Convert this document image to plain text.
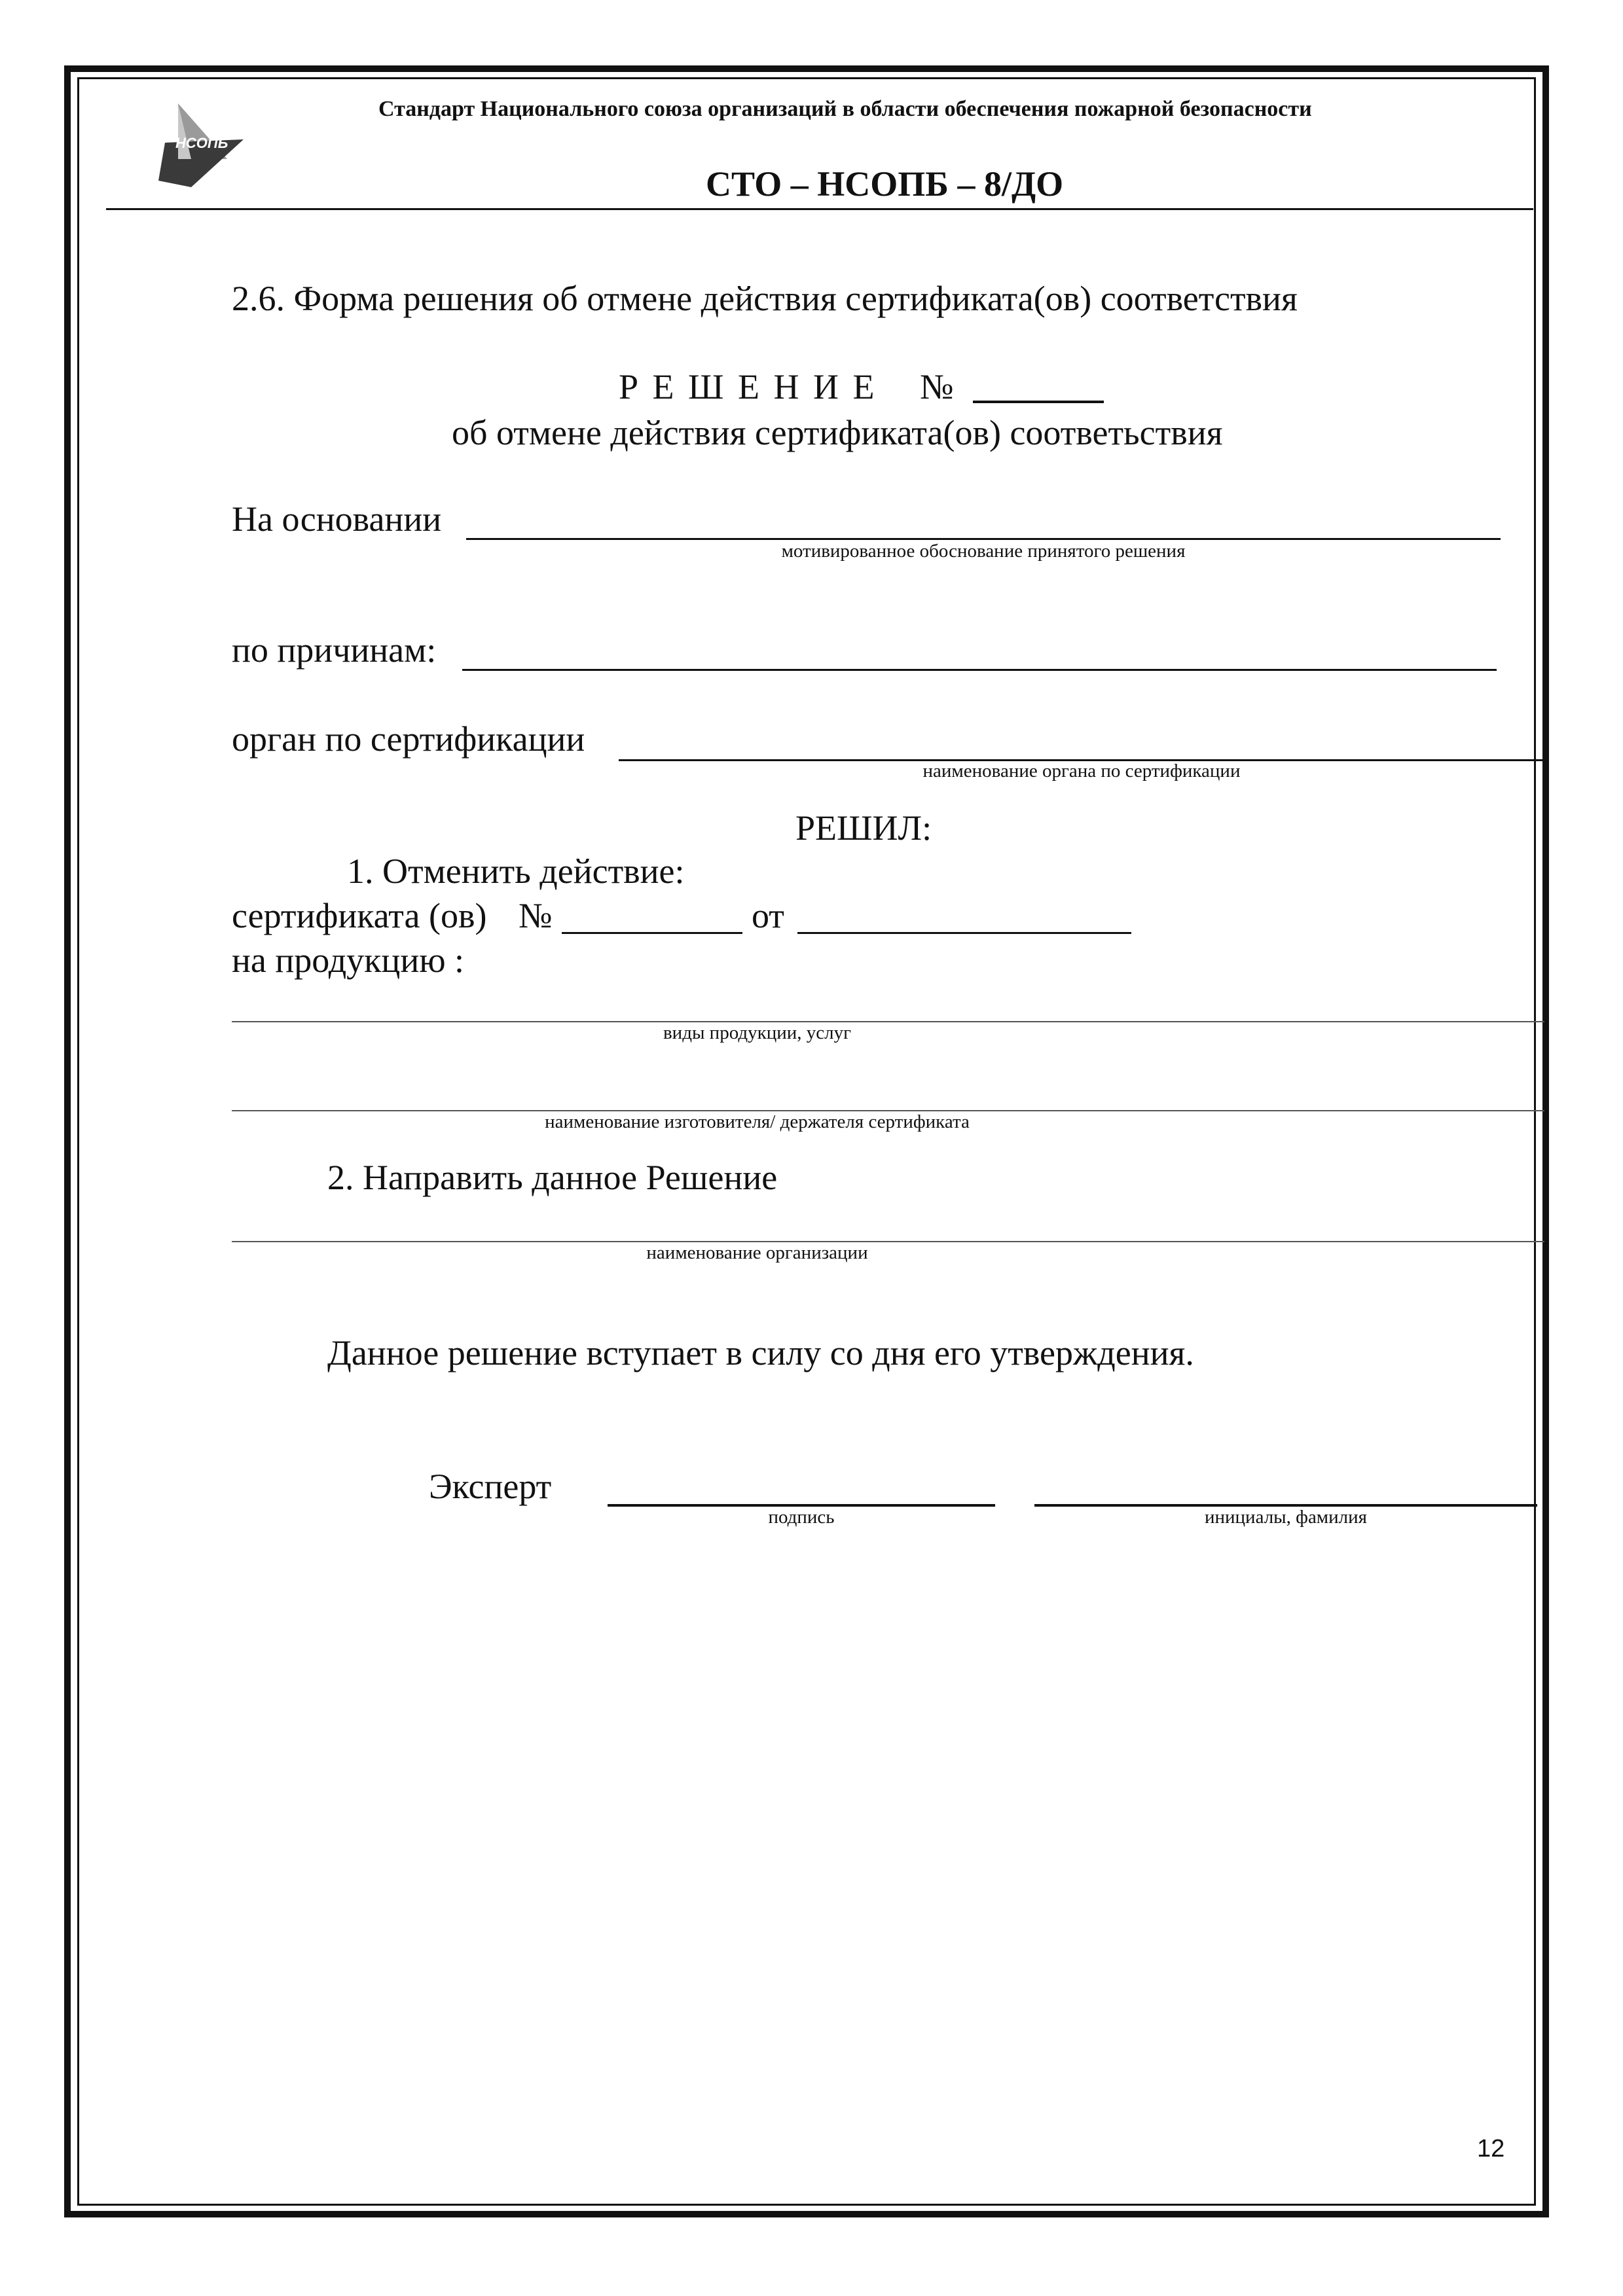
НСОПБ
Стандарт Национального союза организаций в области обеспечения пожарной безопасности
СТО – НСОПБ – 8/ДО
2.6. Форма решения об отмене действия сертификата(ов) соответствия
Р Е Ш Е Н И Е №
об отмене действия сертификата(ов) соответьствия
На основании
мотивированное обоснование принятого решения
по причинам:
орган по сертификации
наименование органа по сертификации
РЕШИЛ:
1. Отменить действие:
сертификата (ов) №	от
на продукцию :
виды продукции, услуг
наименование изготовителя/ держателя сертификата
2. Направить данное Решение
наименование организации
Данное решение вступает в силу со дня его утверждения.
Эксперт
подпись	инициалы, фамилия
12
